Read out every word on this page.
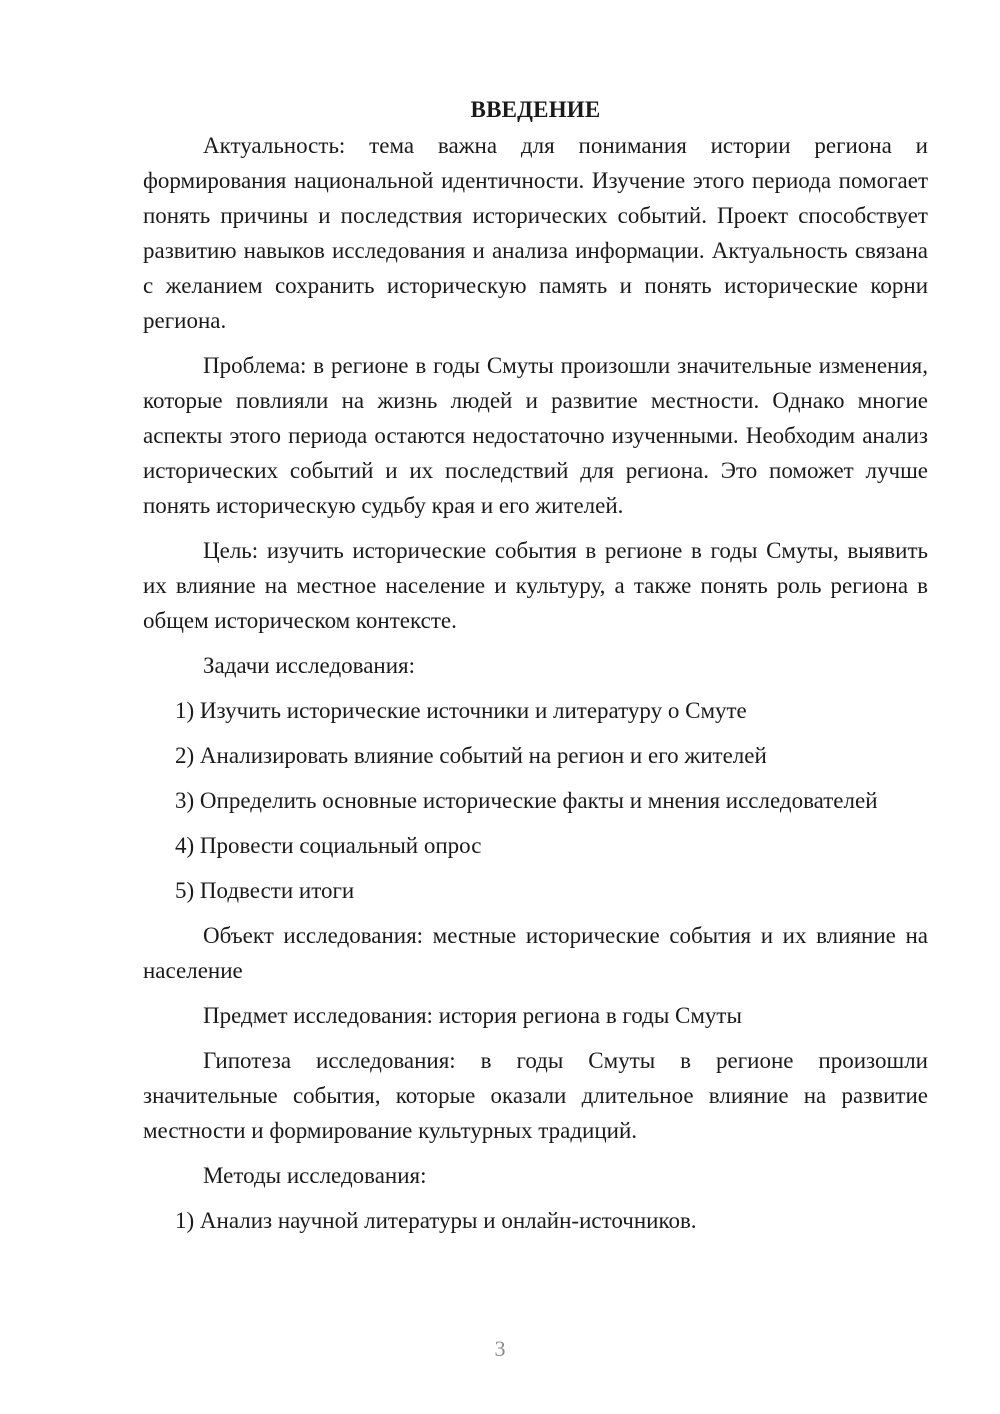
ВВЕДЕНИЕ

Актуальность: тема важна для понимания истории региона и формирования национальной идентичности. Изучение этого периода помогает понять причины и последствия исторических событий. Проект способствует развитию навыков исследования и анализа информации. Актуальность связана с желанием сохранить историческую память и понять исторические корни региона.

Проблема: в регионе в годы Смуты произошли значительные изменения, которые повлияли на жизнь людей и развитие местности. Однако многие аспекты этого периода остаются недостаточно изученными. Необходим анализ исторических событий и их последствий для региона. Это поможет лучше понять историческую судьбу края и его жителей.

Цель: изучить исторические события в регионе в годы Смуты, выявить их влияние на местное население и культуру, а также понять роль региона в общем историческом контексте.

Задачи исследования:

1) Изучить исторические источники и литературу о Смуте

2) Анализировать влияние событий на регион и его жителей

3) Определить основные исторические факты и мнения исследователей

4) Провести социальный опрос

5) Подвести итоги

Объект исследования: местные исторические события и их влияние на население

Предмет исследования: история региона в годы Смуты

Гипотеза исследования: в годы Смуты в регионе произошли значительные события, которые оказали длительное влияние на развитие местности и формирование культурных традиций.

Методы исследования:

1) Анализ научной литературы и онлайн-источников.

3
